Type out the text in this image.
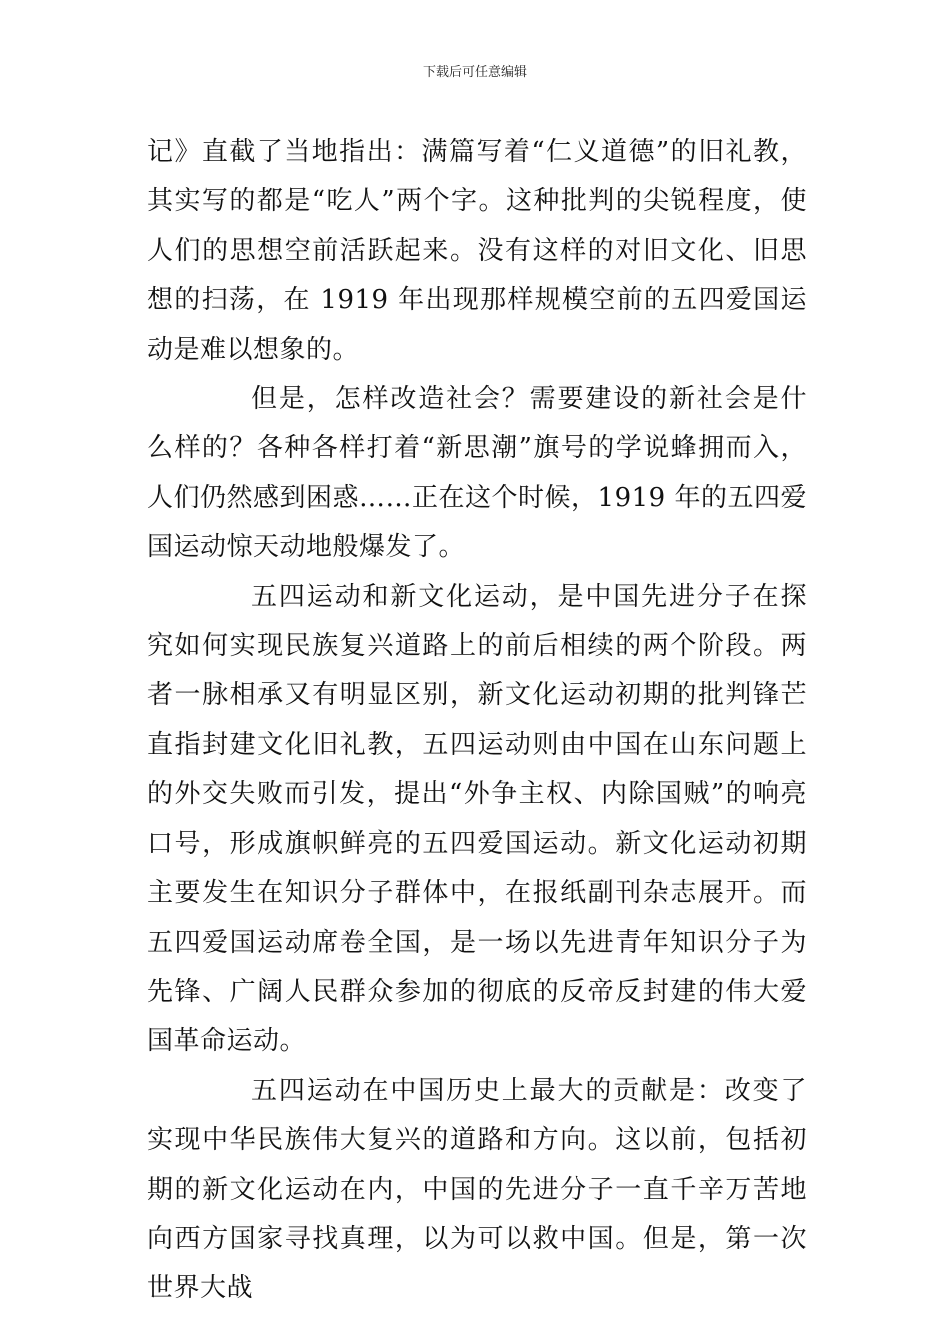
下载后可任意编辑

记》直截了当地指出：满篇写着“仁义道德”的旧礼教，其实写的都是“吃人”两个字。这种批判的尖锐程度，使人们的思想空前活跃起来。没有这样的对旧文化、旧思想的扫荡，在 1919 年出现那样规模空前的五四爱国运动是难以想象的。

但是，怎样改造社会？需要建设的新社会是什么样的？各种各样打着“新思潮”旗号的学说蜂拥而入，人们仍然感到困惑……正在这个时候，1919 年的五四爱国运动惊天动地般爆发了。

五四运动和新文化运动，是中国先进分子在探究如何实现民族复兴道路上的前后相续的两个阶段。两者一脉相承又有明显区别，新文化运动初期的批判锋芒直指封建文化旧礼教，五四运动则由中国在山东问题上的外交失败而引发，提出“外争主权、内除国贼”的响亮口号，形成旗帜鲜亮的五四爱国运动。新文化运动初期主要发生在知识分子群体中，在报纸副刊杂志展开。而五四爱国运动席卷全国，是一场以先进青年知识分子为先锋、广阔人民群众参加的彻底的反帝反封建的伟大爱国革命运动。

五四运动在中国历史上最大的贡献是：改变了实现中华民族伟大复兴的道路和方向。这以前，包括初期的新文化运动在内，中国的先进分子一直千辛万苦地向西方国家寻找真理，以为可以救中国。但是，第一次世界大战
